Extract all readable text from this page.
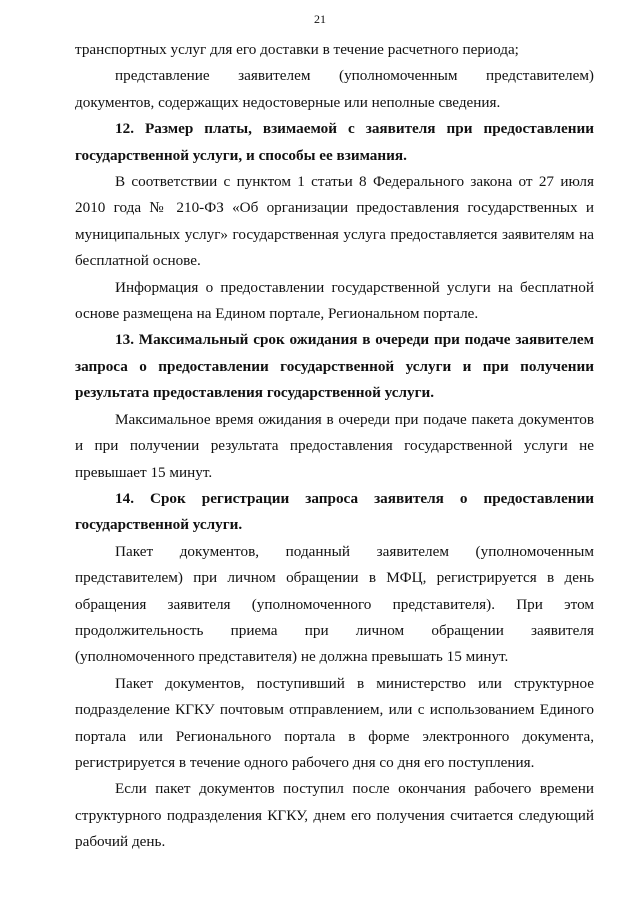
21

транспортных услуг для его доставки в течение расчетного периода;

представление заявителем (уполномоченным представителем) документов, содержащих недостоверные или неполные сведения.

12. Размер платы, взимаемой с заявителя при предоставлении государственной услуги, и способы ее взимания.

В соответствии с пунктом 1 статьи 8 Федерального закона от 27 июля 2010 года № 210-ФЗ «Об организации предоставления государственных и муниципальных услуг» государственная услуга предоставляется заявителям на бесплатной основе.

Информация о предоставлении государственной услуги на бесплатной основе размещена на Едином портале, Региональном портале.

13. Максимальный срок ожидания в очереди при подаче заявителем запроса о предоставлении государственной услуги и при получении результата предоставления государственной услуги.

Максимальное время ожидания в очереди при подаче пакета документов и при получении результата предоставления государственной услуги не превышает 15 минут.

14. Срок регистрации запроса заявителя о предоставлении государственной услуги.

Пакет документов, поданный заявителем (уполномоченным представителем) при личном обращении в МФЦ, регистрируется в день обращения заявителя (уполномоченного представителя). При этом продолжительность приема при личном обращении заявителя (уполномоченного представителя) не должна превышать 15 минут.

Пакет документов, поступивший в министерство или структурное подразделение КГКУ почтовым отправлением, или с использованием Единого портала или Регионального портала в форме электронного документа, регистрируется в течение одного рабочего дня со дня его поступления.

Если пакет документов поступил после окончания рабочего времени структурного подразделения КГКУ, днем его получения считается следующий рабочий день.
